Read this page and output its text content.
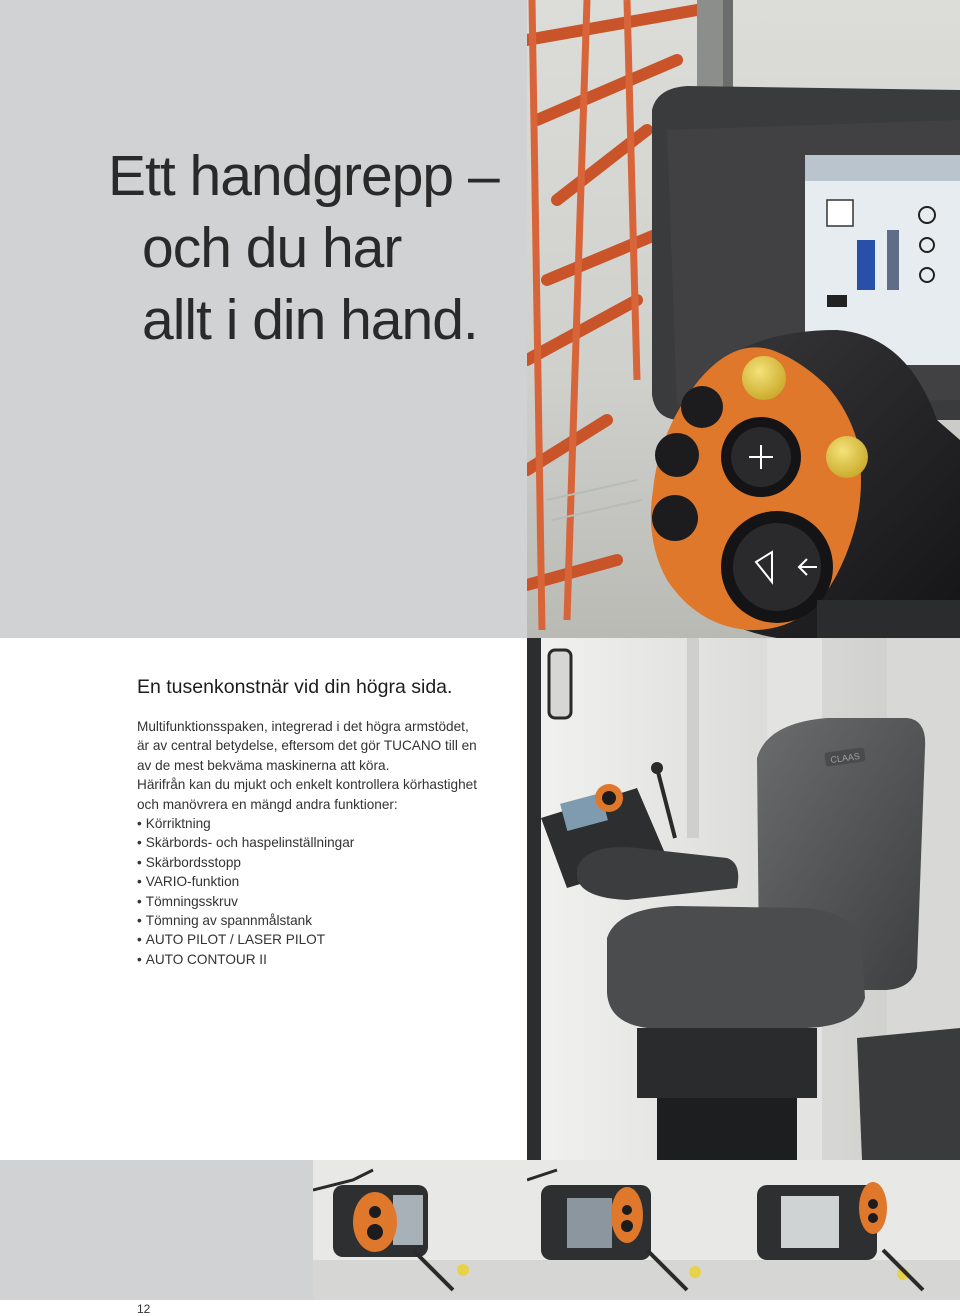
Ett handgrepp –
och du har
allt i din hand.
CLAAS
En tusenkonstnär vid din högra sida.

Multifunktionsspaken, integrerad i det högra armstödet,
är av central betydelse, eftersom det gör TUCANO till en
av de mest bekväma maskinerna att köra.

Härifrån kan du mjukt och enkelt kontrollera körhastighet
och manövrera en mängd andra funktioner:

• Körriktning
• Skärbords- och haspelinställningar
• Skärbordsstopp
• VARIO-funktion
• Tömningsskruv
• Tömning av spannmålstank
• AUTO PILOT / LASER PILOT
• AUTO CONTOUR II
12
